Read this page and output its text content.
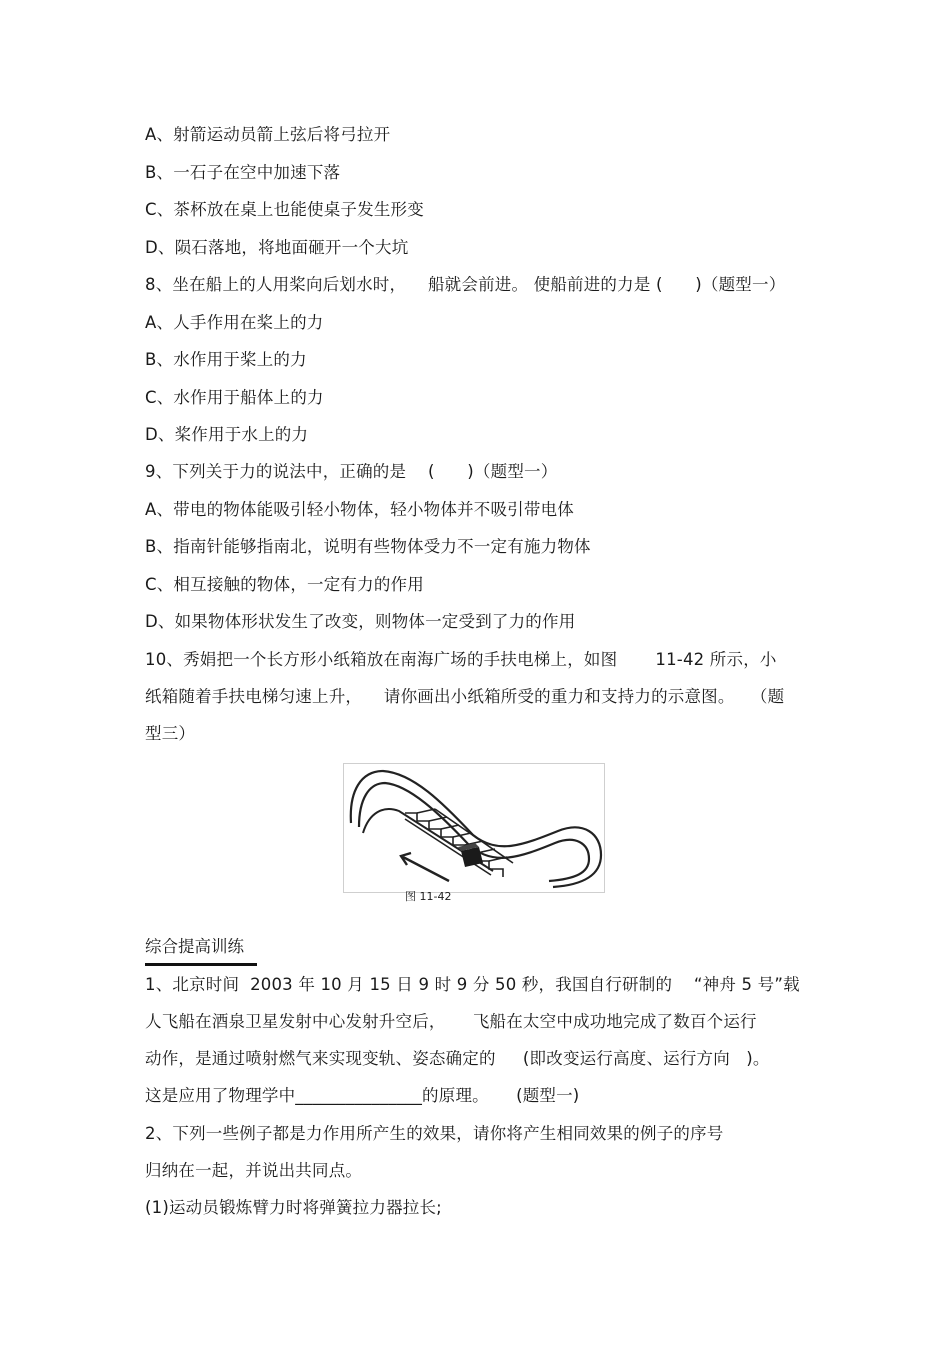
A、射箭运动员箭上弦后将弓拉开
B、一石子在空中加速下落
C、茶杯放在桌上也能使桌子发生形变
D、陨石落地，将地面砸开一个大坑
8、坐在船上的人用桨向后划水时，    船就会前进。 使船前进的力是 (      )（题型一）
A、人手作用在桨上的力
B、水作用于桨上的力
C、水作用于船体上的力
D、桨作用于水上的力
9、下列关于力的说法中，正确的是    (      )（题型一）
A、带电的物体能吸引轻小物体，轻小物体并不吸引带电体
B、指南针能够指南北，说明有些物体受力不一定有施力物体
C、相互接触的物体，一定有力的作用
D、如果物体形状发生了改变，则物体一定受到了力的作用
10、秀娟把一个长方形小纸箱放在南海广场的手扶电梯上，如图       11-42 所示，小
纸箱随着手扶电梯匀速上升，    请你画出小纸箱所受的重力和支持力的示意图。   （题
型三）
图 11-42
综合提高训练
1、北京时间  2003 年 10 月 15 日 9 时 9 分 50 秒，我国自行研制的    “神舟 5 号”载
人飞船在酒泉卫星发射中心发射升空后，     飞船在太空中成功地完成了数百个运行
动作，是通过喷射燃气来实现变轨、姿态确定的     (即改变运行高度、运行方向   )。
这是应用了物理学中_______________的原理。     (题型一)
2、下列一些例子都是力作用所产生的效果，请你将产生相同效果的例子的序号
归纳在一起，并说出共同点。
(1)运动员锻炼臂力时将弹簧拉力器拉长;
